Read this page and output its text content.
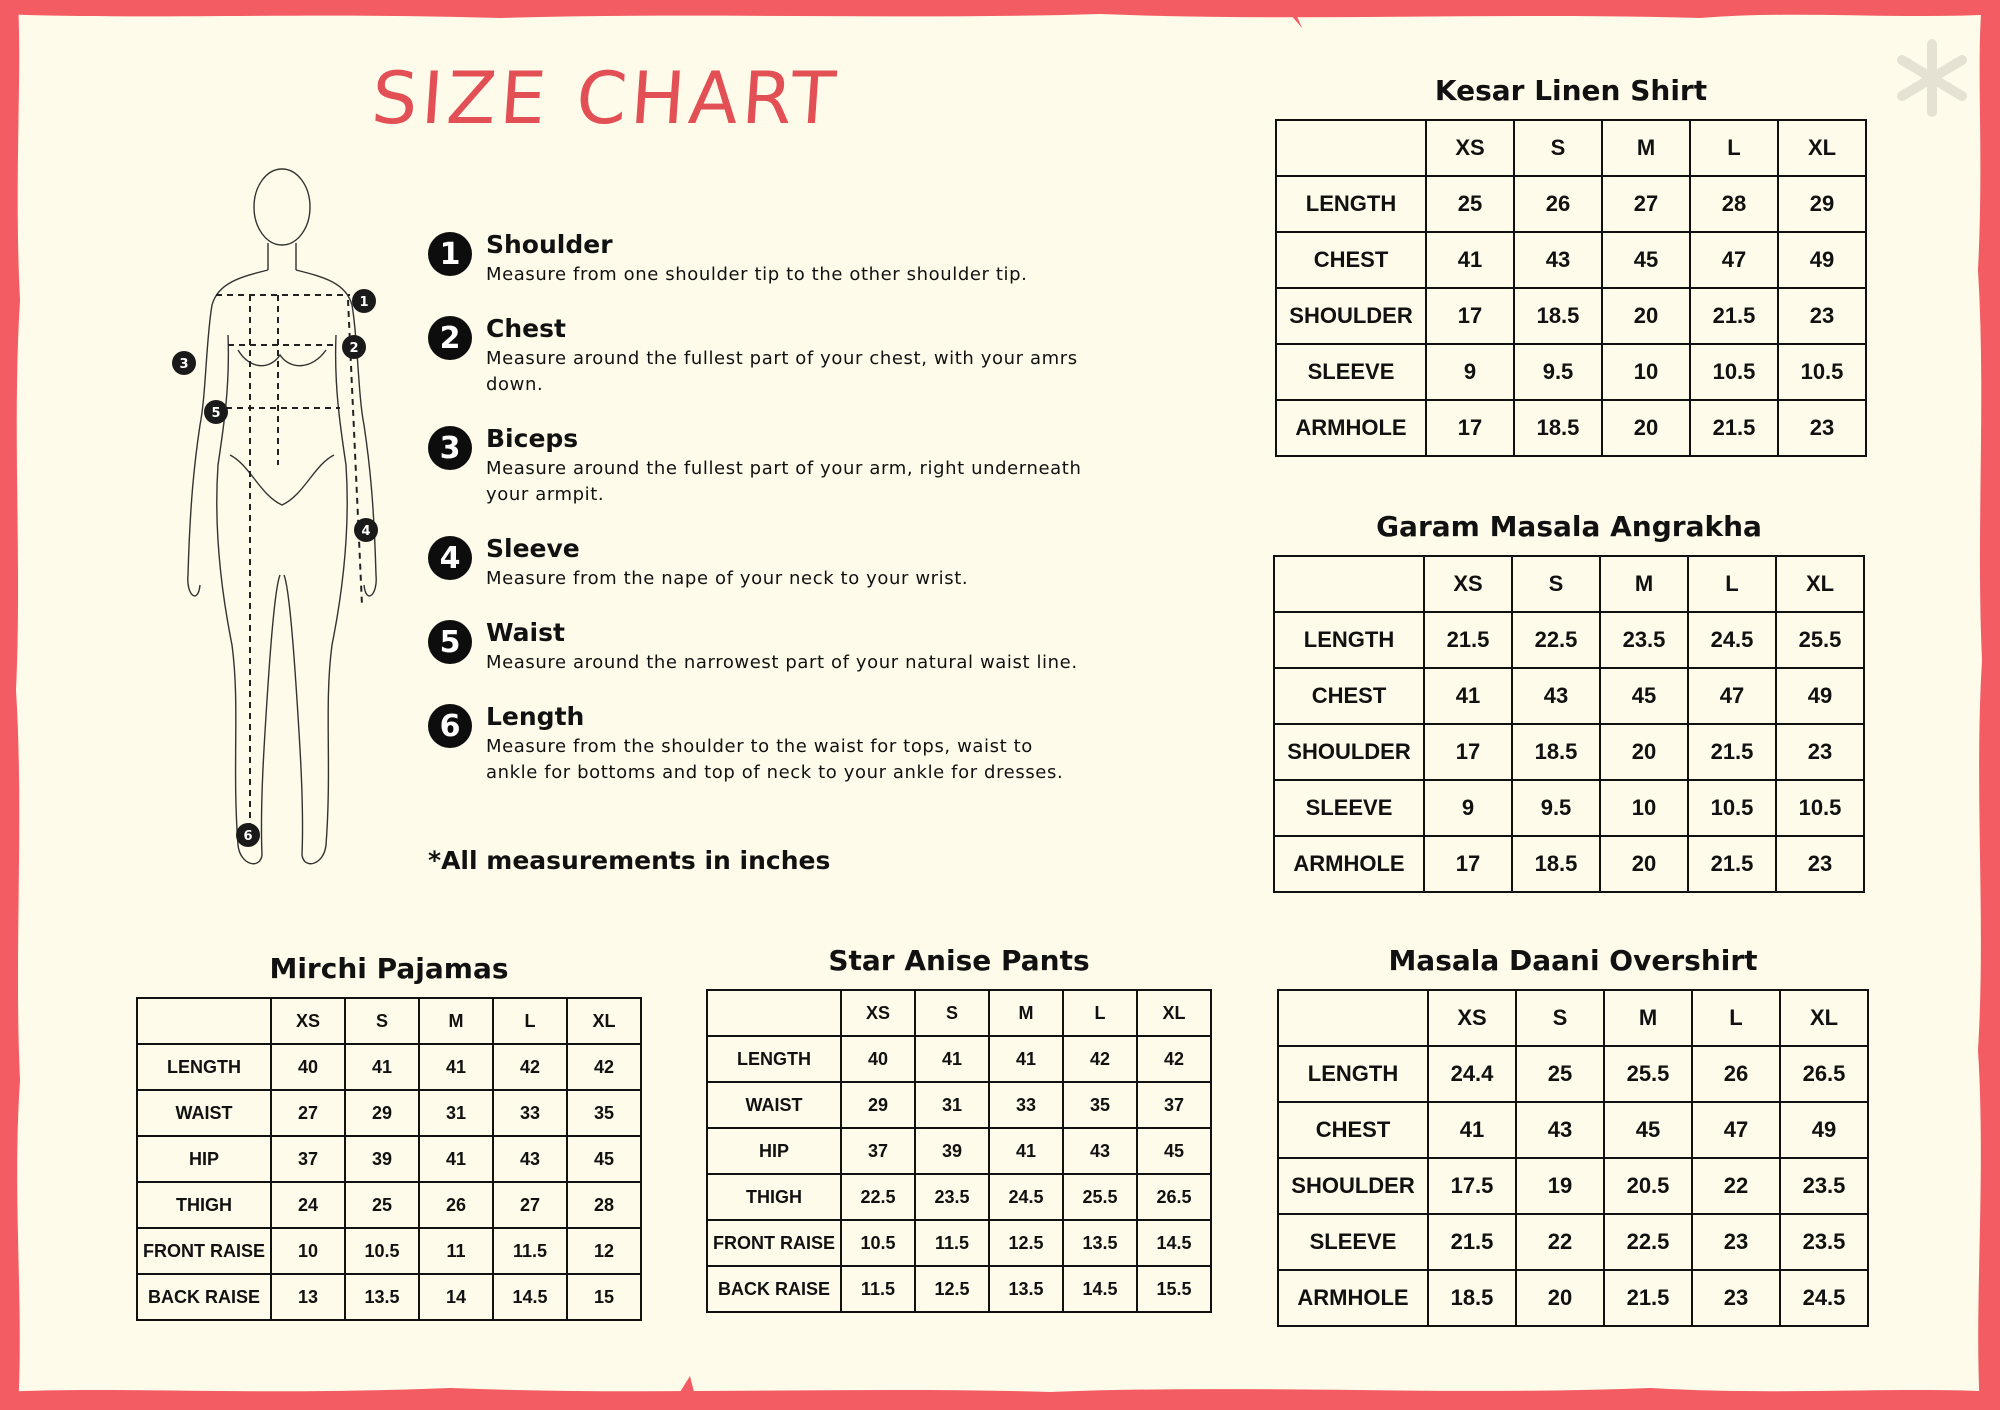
SIZE CHART
1
2
3
4
5
6
1	Shoulder
Measure from one shoulder tip to the other shoulder tip.
2	Chest
Measure around the fullest part of your chest, with your amrs down.
3	Biceps
Measure around the fullest part of your arm, right underneath your armpit.
4	Sleeve
Measure from the nape of your neck to your wrist.
5	Waist
Measure around the narrowest part of your natural waist line.
6	Length
Measure from the shoulder to the waist for tops, waist to ankle for bottoms and top of neck to your ankle for dresses.
*All measurements in inches
Kesar Linen Shirt
	XS	S	M	L	XL
LENGTH	25	26	27	28	29
CHEST	41	43	45	47	49
SHOULDER	17	18.5	20	21.5	23
SLEEVE	9	9.5	10	10.5	10.5
ARMHOLE	17	18.5	20	21.5	23
Garam Masala Angrakha
	XS	S	M	L	XL
LENGTH	21.5	22.5	23.5	24.5	25.5
CHEST	41	43	45	47	49
SHOULDER	17	18.5	20	21.5	23
SLEEVE	9	9.5	10	10.5	10.5
ARMHOLE	17	18.5	20	21.5	23
Mirchi Pajamas
	XS	S	M	L	XL
LENGTH	40	41	41	42	42
WAIST	27	29	31	33	35
HIP	37	39	41	43	45
THIGH	24	25	26	27	28
FRONT RAISE	10	10.5	11	11.5	12
BACK RAISE	13	13.5	14	14.5	15
Star Anise Pants
	XS	S	M	L	XL
LENGTH	40	41	41	42	42
WAIST	29	31	33	35	37
HIP	37	39	41	43	45
THIGH	22.5	23.5	24.5	25.5	26.5
FRONT RAISE	10.5	11.5	12.5	13.5	14.5
BACK RAISE	11.5	12.5	13.5	14.5	15.5
Masala Daani Overshirt
	XS	S	M	L	XL
LENGTH	24.4	25	25.5	26	26.5
CHEST	41	43	45	47	49
SHOULDER	17.5	19	20.5	22	23.5
SLEEVE	21.5	22	22.5	23	23.5
ARMHOLE	18.5	20	21.5	23	24.5
